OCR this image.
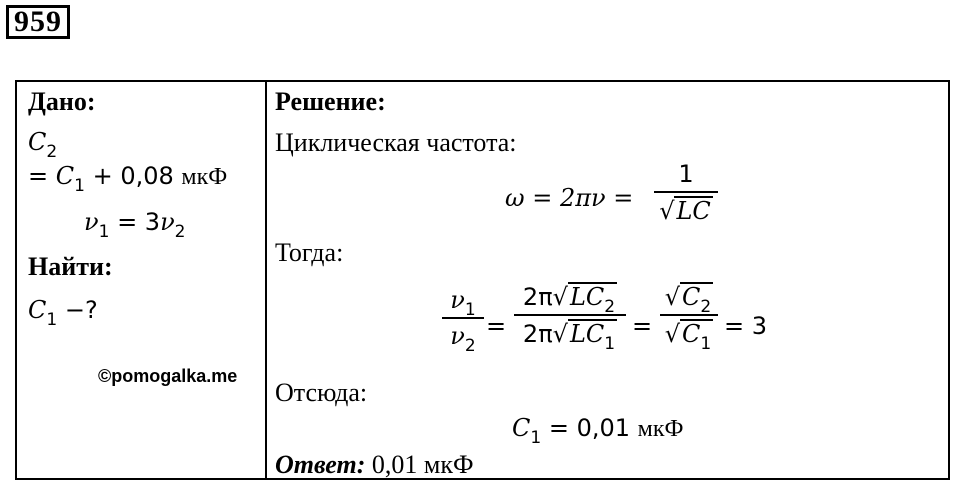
959
Дано:
$C_2$
= $C_1 + 0,08$ мкФ
$\nu_1 = 3\nu_2$
Найти:
$C_1$ −?
©pomogalka.me
Решение:
Циклическая частота:
ω = 2πν =
1
√LC
Тогда:
$\nu_1$
$\nu_2$
=
$2\pi√LC_2$
$2\pi√LC_1$
=
$√C_2$
$√C_1$
= 3
Отсюда:
$C_1 = 0,01$ мкФ
Ответ: 0,01 мкФ
